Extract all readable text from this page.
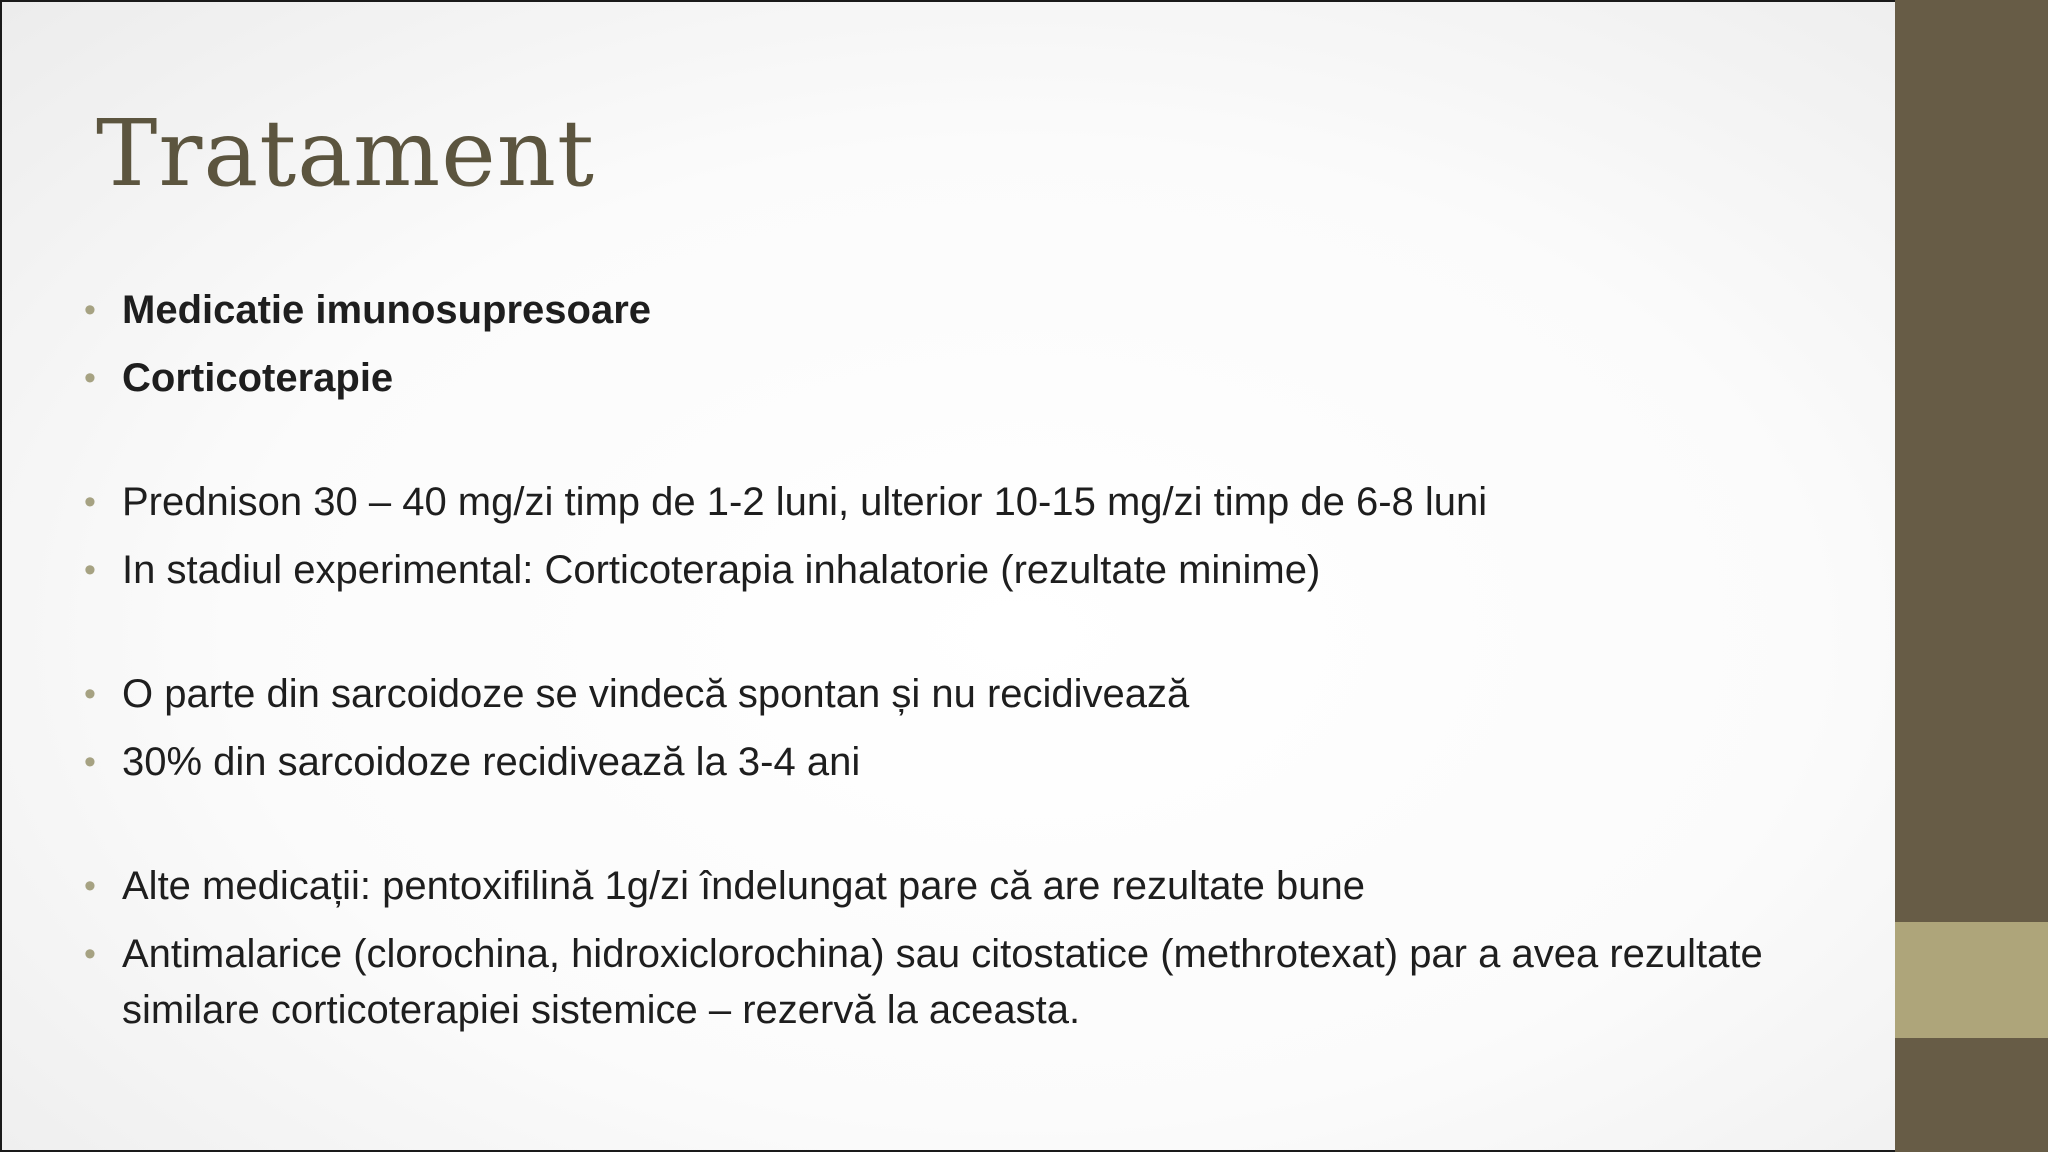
Tratament
• Medicatie imunosupresoare
• Corticoterapie
• Prednison 30 – 40 mg/zi timp de 1-2 luni, ulterior 10-15 mg/zi timp de 6-8 luni
• In stadiul experimental: Corticoterapia inhalatorie (rezultate minime)
• O parte din sarcoidoze se vindecă spontan și nu recidivează
• 30% din sarcoidoze recidivează la 3-4 ani
• Alte medicații: pentoxifilină 1g/zi îndelungat pare că are rezultate bune
• Antimalarice (clorochina, hidroxiclorochina) sau citostatice (methrotexat) par a avea rezultate similare corticoterapiei sistemice – rezervă la aceasta.
